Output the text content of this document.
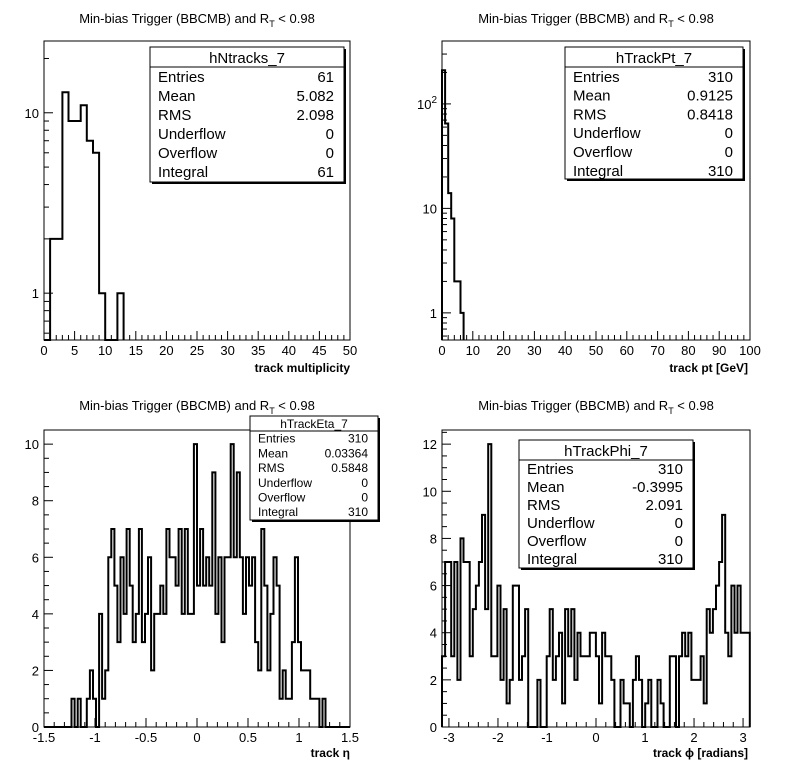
Min-bias Trigger (BBCMB) and $R_T < 0.98$
0 5 10 15 20 25 30 35 40 45 50
1
10
track multiplicity
hNtracks_7
Entries	61
Mean	5.082
RMS	2.098
Underflow	0
Overflow	0
Integral	61
Min-bias Trigger (BBCMB) and $R_T < 0.98$
0 10 20 30 40 50 60 70 80 90 100
1
10
$10^2$
track pt [GeV]
hTrackPt_7
Entries	310
Mean	0.9125
RMS	0.8418
Underflow	0
Overflow	0
Integral	310
Min-bias Trigger (BBCMB) and $R_T < 0.98$
-1.5	-1	-0.5	0	0.5	1	1.5
0
2
4
6
8
10
track η
hTrackEta_7
Entries	310
Mean	0.03364
RMS	0.5848
Underflow	0
Overflow	0
Integral	310
Min-bias Trigger (BBCMB) and $R_T < 0.98$
-3	-2	-1	0	1	2	3
0
2
4
6
8
10
12
track ϕ [radians]
hTrackPhi_7
Entries	310
Mean	-0.3995
RMS	2.091
Underflow	0
Overflow	0
Integral	310
